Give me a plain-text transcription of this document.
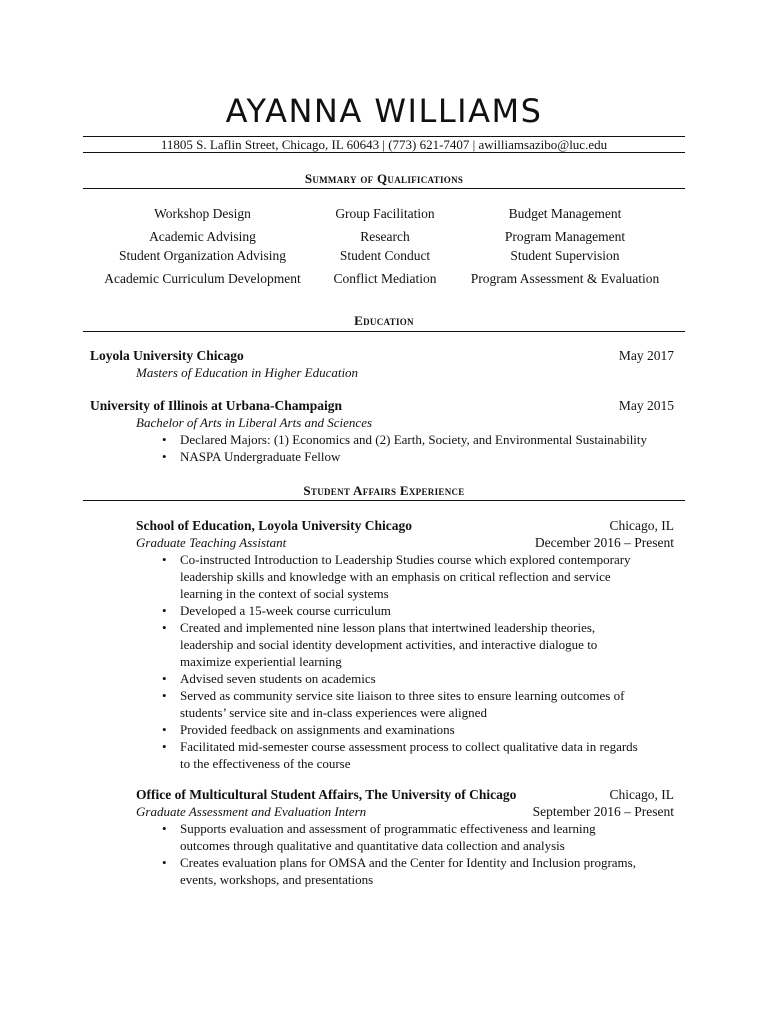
AYANNA WILLIAMS
11805 S. Laflin Street, Chicago, IL 60643 | (773) 621-7407 | awilliamsazibo@luc.edu
Summary of Qualifications
Workshop Design	Group Facilitation	Budget Management
Academic Advising	Research	Program Management
Student Organization Advising	Student Conduct	Student Supervision
Academic Curriculum Development	Conflict Mediation	Program Assessment & Evaluation
Education
Loyola University Chicago	May 2017
Masters of Education in Higher Education
University of Illinois at Urbana-Champaign	May 2015
Bachelor of Arts in Liberal Arts and Sciences
• Declared Majors: (1) Economics and (2) Earth, Society, and Environmental Sustainability
• NASPA Undergraduate Fellow
Student Affairs Experience
School of Education, Loyola University Chicago	Chicago, IL
Graduate Teaching Assistant	December 2016 – Present
• Co-instructed Introduction to Leadership Studies course which explored contemporary
leadership skills and knowledge with an emphasis on critical reflection and service
learning in the context of social systems
• Developed a 15-week course curriculum
• Created and implemented nine lesson plans that intertwined leadership theories,
leadership and social identity development activities, and interactive dialogue to
maximize experiential learning
• Advised seven students on academics
• Served as community service site liaison to three sites to ensure learning outcomes of
students’ service site and in-class experiences were aligned
• Provided feedback on assignments and examinations
• Facilitated mid-semester course assessment process to collect qualitative data in regards
to the effectiveness of the course
Office of Multicultural Student Affairs, The University of Chicago	Chicago, IL
Graduate Assessment and Evaluation Intern	September 2016 – Present
• Supports evaluation and assessment of programmatic effectiveness and learning
outcomes through qualitative and quantitative data collection and analysis
• Creates evaluation plans for OMSA and the Center for Identity and Inclusion programs,
events, workshops, and presentations
